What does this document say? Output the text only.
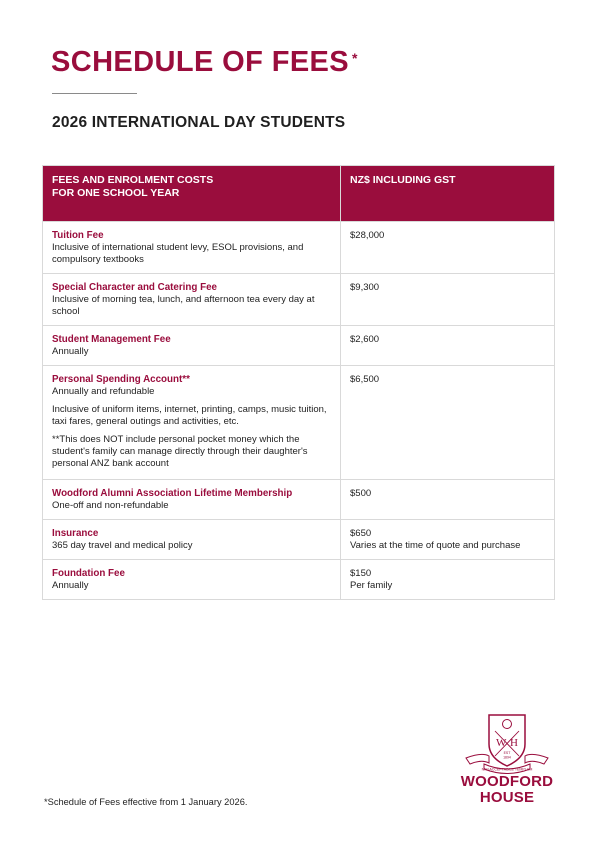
SCHEDULE OF FEES *
2026 INTERNATIONAL DAY STUDENTS
FEES AND ENROLMENT COSTS
FOR ONE SCHOOL YEAR	NZ$ INCLUDING GST

Tuition Fee
Inclusive of international student levy, ESOL provisions, and compulsory textbooks	$28,000

Special Character and Catering Fee
Inclusive of morning tea, lunch, and afternoon tea every day at school	$9,300

Student Management Fee
Annually	$2,600

Personal Spending Account**
Annually and refundable
Inclusive of uniform items, internet, printing, camps, music tuition, taxi fares, general outings and activities, etc.
**This does NOT include personal pocket money which the student's family can manage directly through their daughter's personal ANZ bank account	$6,500

Woodford Alumni Association Lifetime Membership
One-off and non-refundable	$500

Insurance
365 day travel and medical policy	$650
Varies at the time of quote and purchase

Foundation Fee
Annually	$150
Per family
*Schedule of Fees effective from 1 January 2026.
W H
EST
1894
NISI ACCEPTABILE TEMPLUM
WOODFORD
HOUSE
